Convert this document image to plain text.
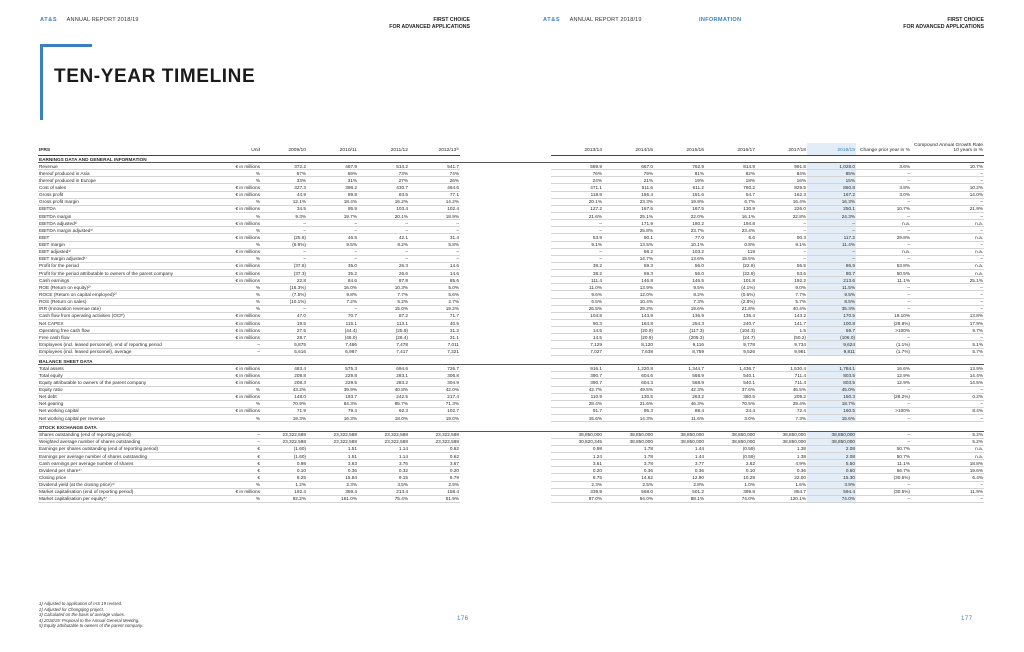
AT&S ANNUAL REPORT 2018/19	FIRST CHOICE
FOR ADVANCED APPLICATIONS
AT&S ANNUAL REPORT 2018/19	INFORMATION	FIRST CHOICE
FOR ADVANCED APPLICATIONS
TEN-YEAR TIMELINE
IFRS	Unit	2009/10	2010/11	2011/12	2012/13³⁾		2013/14	2014/15	2015/16	2016/17	2017/18	2018/19	Change prior year in %	Compound Annual Growth Rate 10 years in %
EARNINGS DATA AND GENERAL INFORMATION														
Revenue	€ in millions	372.2	487.9	514.2	541.7		589.9	667.0	762.9	814.9	991.8	1,028.0	3.6%	10.7%
thereof produced in Asia	%	67%	69%	73%	74%		76%	79%	81%	82%	84%	85%	–	–
thereof produced in Europe	%	33%	31%	27%	26%		24%	21%	19%	18%	16%	15%	–	–
Cost of sales	€ in millions	327.3	398.2	430.7	464.6		471.1	511.6	611.2	760.2	829.5	860.8	3.8%	10.2%
Gross profit	€ in millions	44.9	89.8	83.5	77.1		118.8	155.4	151.6	54.7	162.3	167.2	3.0%	14.0%
Gross profit margin	%	12.1%	18.4%	16.2%	14.2%		20.1%	23.3%	19.9%	6.7%	16.4%	16.3%	–	–
EBITDA	€ in millions	34.5	95.9	103.4	102.4		127.2	167.6	167.5	130.9	226.0	250.1	10.7%	21.9%
EBITDA margin	%	9.3%	19.7%	20.1%	18.9%		21.6%	25.1%	22.0%	16.1%	22.8%	24.3%	–	–
EBITDA adjusted¹⁾	€ in millions	–	–	–	–		–	171.9	180.2	194.8	–	–	n.a.	n.a.
EBITDA margin adjusted¹⁾	%	–	–	–	–		–	25.8%	23.7%	23.4%	–	–	–	–
EBIT	€ in millions	(25.6)	46.5	42.1	31.4		53.9	90.1	77.0	6.6	90.3	117.2	29.8%	n.a.
EBIT margin	%	(6.9%)	9.5%	8.2%	5.8%		9.1%	13.5%	10.1%	0.8%	9.1%	11.4%	–	–
EBIT adjusted¹⁾	€ in millions	–	–	–	–		–	98.2	103.2	119	–	–	n.a.	n.a.
EBIT margin adjusted¹⁾	%	–	–	–	–		–	14.7%	13.6%	15.5%	–	–	–	–
Profit for the period	€ in millions	(37.6)	35.0	26.3	14.6		38.2	69.3	56.0	(22.9)	56.5	86.9	53.8%	n.a.
Profit for the period attributable to owners of the parent company	€ in millions	(37.3)	35.2	26.6	14.6		38.2	69.3	56.0	(22.9)	53.6	80.7	50.5%	n.a.
Cash earnings	€ in millions	22.8	84.6	87.8	85.6		111.4	146.8	146.5	101.8	192.2	213.6	11.1%	25.1%
ROE (Return on equity)²⁾	%	(16.3%)	16.0%	10.3%	5.0%		11.0%	13.9%	9.5%	(4.1%)	9.0%	11.5%	–	–
ROCE (Return on capital employed)²⁾	%	(7.5%)	9.8%	7.7%	5.6%		9.6%	12.0%	8.2%	(0.6%)	7.7%	9.5%	–	–
ROS (Return on sales)	%	(10.1%)	7.2%	5.2%	2.7%		6.5%	10.4%	7.3%	(2.8%)	5.7%	8.5%	–	–
IRR (Innovation revenue rate)	%	–	–	15.0%	19.2%		26.5%	29.2%	19.6%	21.8%	40.4%	35.3%	–	–
Cash flow from operating activities (OCF)	€ in millions	47.0	70.7	87.2	71.7		104.8	143.9	136.9	136.4	143.2	170.5	19.10%	13.8%
Net CAPEX	€ in millions	19.5	115.1	113.1	40.5		90.3	164.8	254.3	240.7	141.7	100.8	(28.8%)	17.9%
Operating free cash flow	€ in millions	27.5	(44.4)	(25.9)	31.2		14.5	(20.9)	(117.3)	(104.3)	1.5	69.7	>100%	9.7%
Free cash flow	€ in millions	28.7	(46.0)	(26.4)	31.1		14.5	(20.9)	(205.3)	(24.7)	(50.2)	(106.0)	–	–
Employees (incl. leased personnel), end of reporting period	–	5,875	7,486	7,478	7,011		7,129	8,120	9,116	9,778	9,734	9,624	(1.1%)	5.1%
Employees (incl. leased personnel), average	–	5,616	6,987	7,417	7,321		7,027	7,638	8,759	9,526	9,981	9,811	(1.7%)	5.7%

BALANCE SHEET DATA														
Total assets	€ in millions	483.4	575.3	694.6	726.7		916.1	1,220.8	1,344.7	1,436.7	1,530.4	1,784.1	16.6%	13.9%
Total equity	€ in millions	208.8	229.8	283.1	306.8		390.7	604.6	568.9	540.1	711.4	803.5	12.9%	14.4%
Equity attributable to owners of the parent company	€ in millions	208.3	229.5	283.2	304.9		390.7	604.3	568.9	540.1	711.4	803.5	12.9%	14.5%
Equity ratio	%	43.2%	39.9%	40.8%	42.0%		42.7%	49.5%	42.3%	37.6%	46.5%	45.0%	–	–
Net debt	€ in millions	148.0	193.7	242.5	217.4		110.9	130.5	263.2	380.5	209.2	150.3	(28.2%)	0.2%
Net gearing	%	70.9%	84.3%	85.7%	71.3%		28.4%	21.6%	46.3%	70.5%	29.4%	18.7%	–	–
Net working capital	€ in millions	71.9	79.4	92.3	102.7		91.7	95.3	88.4	24.4	72.4	160.5	>100%	8.4%
Net working capital per revenue	%	19.3%	16.3%	18.0%	19.0%		15.6%	14.3%	11.6%	3.0%	7.3%	15.6%	–	–

STOCK EXCHANGE DATA														
Shares outstanding (end of reporting period)	–	23,322,588	23,322,588	23,322,588	23,322,588		38,850,000	38,850,000	38,850,000	38,850,000	38,850,000	38,850,000	–	5.2%
Weighted average number of shares outstanding	–	23,322,588	23,322,588	23,322,588	23,322,588		30,820,345	38,850,000	38,850,000	38,850,000	38,850,000	38,850,000	–	5.2%
Earnings per shares outstanding (end of reporting period)	€	(1.60)	1.51	1.14	0.62		0.98	1.78	1.44	(0.59)	1.38	2.08	50.7%	n.a.
Earnings per average number of shares outstanding	€	(1.60)	1.51	1.14	0.62		1.24	1.78	1.44	(0.59)	1.38	2.08	50.7%	n.a.
Cash earnings per average number of shares	€	0.98	3.63	3.76	3.67		3.61	3.78	3.77	2.62	4.9%	5.50	11.1%	18.8%
Dividend per share⁴⁾	€	0.10	0.36	0.32	0.20		0.20	0.36	0.36	0.10	0.36	0.60	66.7%	19.6%
Closing price	€	8.25	15.84	9.15	6.79		8.75	14.62	12.90	10.29	22.00	15.30	(30.5%)	6.4%
Dividend yield (at the closing price)⁴⁾	%	1.2%	2.3%	3.5%	2.9%		2.3%	2.5%	2.8%	1.0%	1.6%	3.9%	–	–
Market capitalisation (end of reporting period)	€ in millions	192.4	369.4	213.4	158.4		339.9	568.0	501.2	399.8	854.7	594.4	(30.5%)	11.9%
Market capitalisation per equity⁵⁾	%	92.2%	161.0%	75.4%	51.9%		87.0%	94.0%	88.1%	74.0%	120.1%	74.0%	–	–
1) Adjusted to application of IAS 19 revised.
2) Adjusted for Chongqing project.
3) Calculated on the basis of average values.
4) 2018/19: Proposal to the Annual General Meeting.
5) Equity attributable to owners of the parent company.
176	177
